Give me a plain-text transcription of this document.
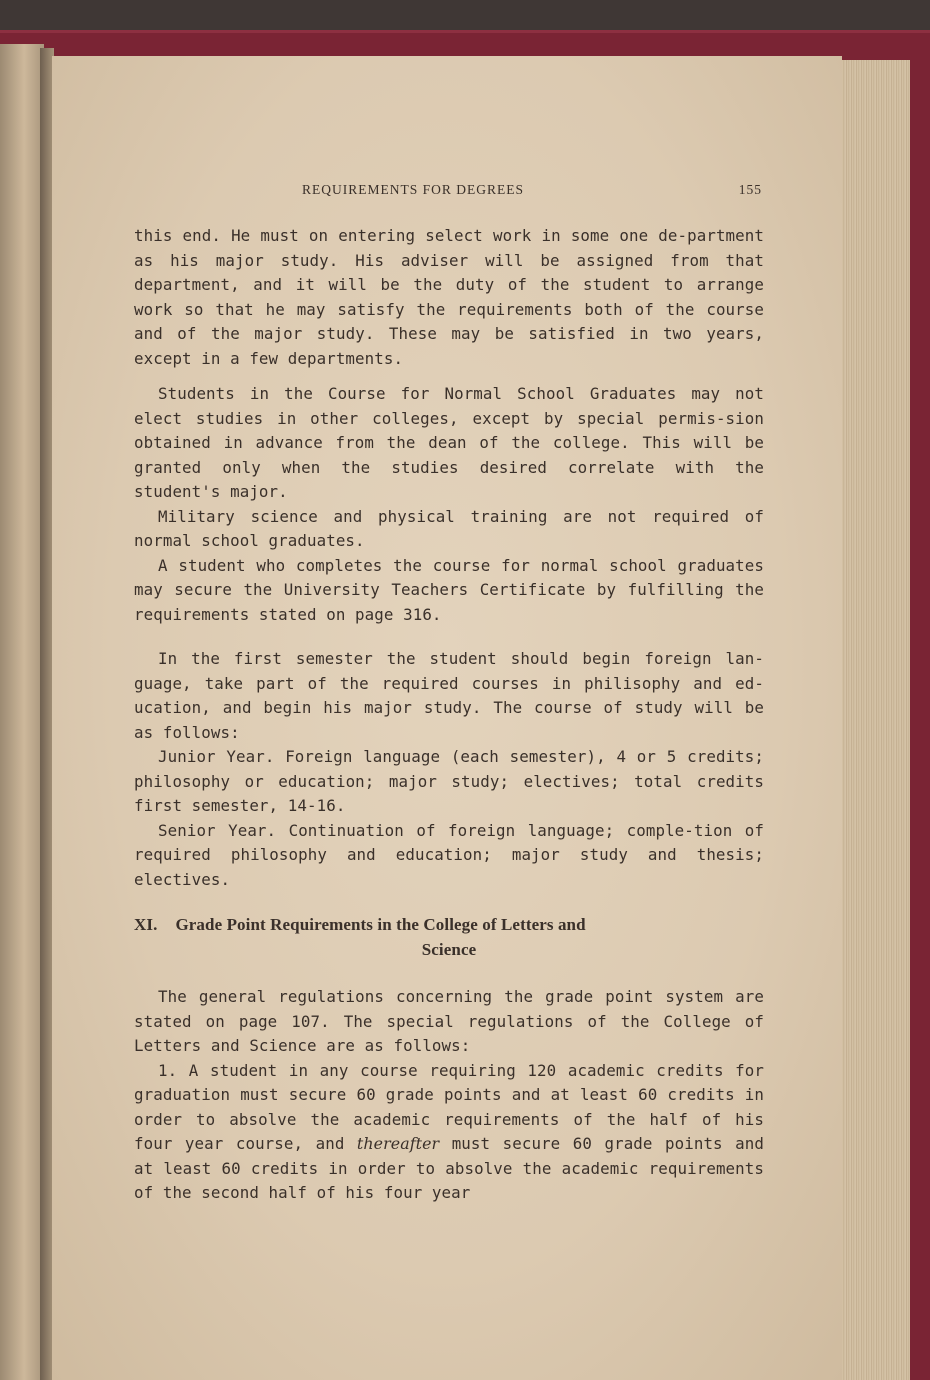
REQUIREMENTS FOR DEGREES	155

this end. He must on entering select work in some one de-partment as his major study. His adviser will be assigned from that department, and it will be the duty of the student to arrange work so that he may satisfy the requirements both of the course and of the major study. These may be satisfied in two years, except in a few departments.

Students in the Course for Normal School Graduates may not elect studies in other colleges, except by special permis-sion obtained in advance from the dean of the college. This will be granted only when the studies desired correlate with the student's major.

Military science and physical training are not required of normal school graduates.

A student who completes the course for normal school graduates may secure the University Teachers Certificate by fulfilling the requirements stated on page 316.

In the first semester the student should begin foreign lan-guage, take part of the required courses in philisophy and ed-ucation, and begin his major study. The course of study will be as follows:

Junior Year. Foreign language (each semester), 4 or 5 credits; philosophy or education; major study; electives; total credits first semester, 14-16.

Senior Year. Continuation of foreign language; comple-tion of required philosophy and education; major study and thesis; electives.

XI. Grade Point Requirements in the College of Letters and
Science

The general regulations concerning the grade point system are stated on page 107. The special regulations of the College of Letters and Science are as follows:

1. A student in any course requiring 120 academic credits for graduation must secure 60 grade points and at least 60 credits in order to absolve the academic requirements of the half of his four year course, and thereafter must secure 60 grade points and at least 60 credits in order to absolve the academic requirements of the second half of his four year
